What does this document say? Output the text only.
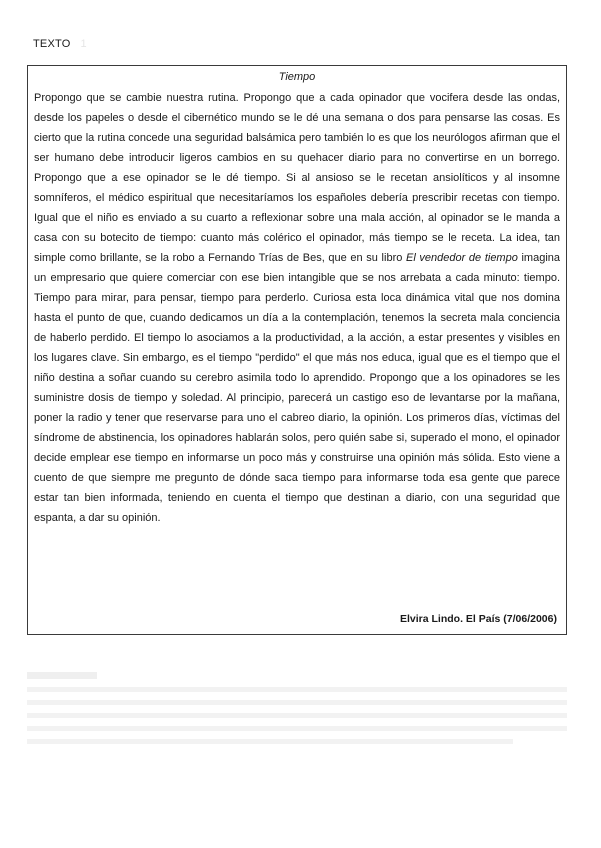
TEXTO 1
Tiempo

Propongo que se cambie nuestra rutina. Propongo que a cada opinador que vocifera desde las ondas, desde los papeles o desde el cibernético mundo se le dé una semana o dos para pensarse las cosas. Es cierto que la rutina concede una seguridad balsámica pero también lo es que los neurólogos afirman que el ser humano debe introducir ligeros cambios en su quehacer diario para no convertirse en un borrego. Propongo que a ese opinador se le dé tiempo. Si al ansioso se le recetan ansiolíticos y al insomne somníferos, el médico espiritual que necesitaríamos los españoles debería prescribir recetas con tiempo. Igual que el niño es enviado a su cuarto a reflexionar sobre una mala acción, al opinador se le manda a casa con su botecito de tiempo: cuanto más colérico el opinador, más tiempo se le receta. La idea, tan simple como brillante, se la robo a Fernando Trías de Bes, que en su libro El vendedor de tiempo imagina un empresario que quiere comerciar con ese bien intangible que se nos arrebata a cada minuto: tiempo. Tiempo para mirar, para pensar, tiempo para perderlo. Curiosa esta loca dinámica vital que nos domina hasta el punto de que, cuando dedicamos un día a la contemplación, tenemos la secreta mala conciencia de haberlo perdido. El tiempo lo asociamos a la productividad, a la acción, a estar presentes y visibles en los lugares clave. Sin embargo, es el tiempo "perdido" el que más nos educa, igual que es el tiempo que el niño destina a soñar cuando su cerebro asimila todo lo aprendido. Propongo que a los opinadores se les suministre dosis de tiempo y soledad. Al principio, parecerá un castigo eso de levantarse por la mañana, poner la radio y tener que reservarse para uno el cabreo diario, la opinión. Los primeros días, víctimas del síndrome de abstinencia, los opinadores hablarán solos, pero quién sabe si, superado el mono, el opinador decide emplear ese tiempo en informarse un poco más y construirse una opinión más sólida. Esto viene a cuento de que siempre me pregunto de dónde saca tiempo para informarse toda esa gente que parece estar tan bien informada, teniendo en cuenta el tiempo que destinan a diario, con una seguridad que espanta, a dar su opinión.

Elvira Lindo. El País (7/06/2006)
